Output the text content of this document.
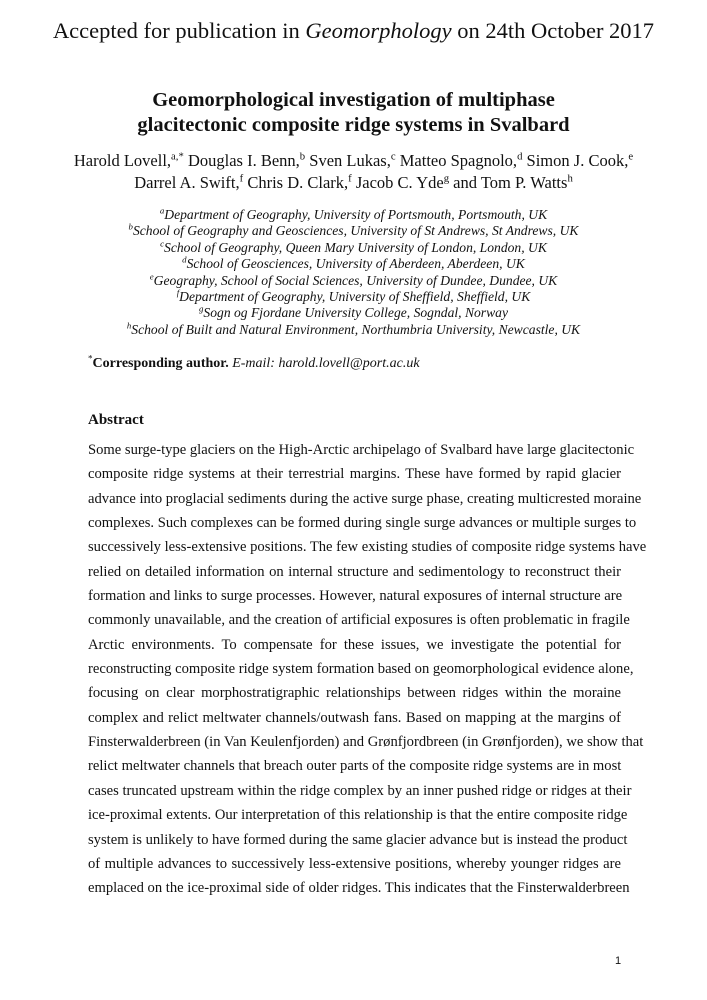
Accepted for publication in Geomorphology on 24th October 2017
Geomorphological investigation of multiphase
glacitectonic composite ridge systems in Svalbard
Harold Lovell,$^{a,*}$ Douglas I. Benn,$^b$ Sven Lukas,$^c$ Matteo Spagnolo,$^d$ Simon J. Cook,$^e$
Darrel A. Swift,$^f$ Chris D. Clark,$^f$ Jacob C. Yde$^g$ and Tom P. Watts$^h$
$^a$Department of Geography, University of Portsmouth, Portsmouth, UK
$^b$School of Geography and Geosciences, University of St Andrews, St Andrews, UK
$^c$School of Geography, Queen Mary University of London, London, UK
$^d$School of Geosciences, University of Aberdeen, Aberdeen, UK
$^e$Geography, School of Social Sciences, University of Dundee, Dundee, UK
$^f$Department of Geography, University of Sheffield, Sheffield, UK
$^g$Sogn og Fjordane University College, Sogndal, Norway
$^h$School of Built and Natural Environment, Northumbria University, Newcastle, UK
*Corresponding author. E-mail: harold.lovell@port.ac.uk
Abstract
Some surge-type glaciers on the High-Arctic archipelago of Svalbard have large glacitectonic
composite ridge systems at their terrestrial margins. These have formed by rapid glacier
advance into proglacial sediments during the active surge phase, creating multicrested moraine
complexes. Such complexes can be formed during single surge advances or multiple surges to
successively less-extensive positions. The few existing studies of composite ridge systems have
relied on detailed information on internal structure and sedimentology to reconstruct their
formation and links to surge processes. However, natural exposures of internal structure are
commonly unavailable, and the creation of artificial exposures is often problematic in fragile
Arctic environments. To compensate for these issues, we investigate the potential for
reconstructing composite ridge system formation based on geomorphological evidence alone,
focusing on clear morphostratigraphic relationships between ridges within the moraine
complex and relict meltwater channels/outwash fans. Based on mapping at the margins of
Finsterwalderbreen (in Van Keulenfjorden) and Grønfjordbreen (in Grønfjorden), we show that
relict meltwater channels that breach outer parts of the composite ridge systems are in most
cases truncated upstream within the ridge complex by an inner pushed ridge or ridges at their
ice-proximal extents. Our interpretation of this relationship is that the entire composite ridge
system is unlikely to have formed during the same glacier advance but is instead the product
of multiple advances to successively less-extensive positions, whereby younger ridges are
emplaced on the ice-proximal side of older ridges. This indicates that the Finsterwalderbreen
1
